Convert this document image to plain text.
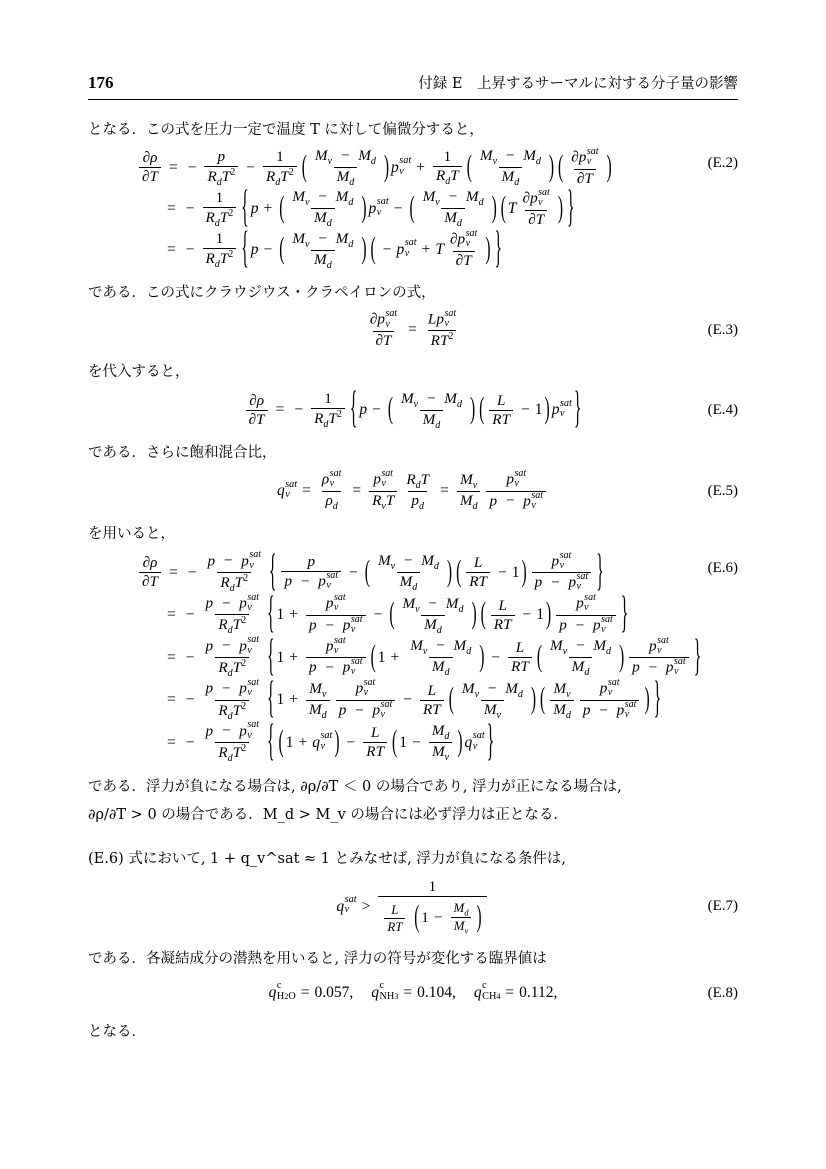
176	付録 E　上昇するサーマルに対する分子量の影響
となる．この式を圧力一定で温度 T に対して偏微分すると，
$\frac{\partial\rho}{\partial T}$ = − $\frac{p}{R_dT^2} - \frac{1}{R_dT^2}$ ( $\frac{M_v - M_d}{M_d}$ ) p sat
$v + \frac{1}{R_dT}$ ( $\frac{M_v - M_d}{M_d}$ ) ( ∂p sat
v
∂T )
= − $\frac{1}{R_dT^2}$ { p + ( $\frac{M_v - M_d}{M_d}$ ) p sat
v − ( $\frac{M_v - M_d}{M_d}$ ) ( T ∂p sat
v
∂T ) }
= − $\frac{1}{R_dT^2}$ { p − ( $\frac{M_v - M_d}{M_d}$ ) ( − p sat
v + T ∂p sat
v
∂T ) }
(E.2)
である．この式にクラウジウス・クラペイロンの式，
∂p sat
v
∂T = Lp sat
v
$RT^2$	(E.3)
を代入すると，
$\frac{\partial\rho}{\partial T}$ = − $\frac{1}{R_dT^2}$ { p − ( $\frac{M_v - M_d}{M_d}$ ) ( $\frac{L}{RT} - 1$ ) p sat
v }	(E.4)
である．さらに飽和混合比，
q sat
v = ρ sat
v
$\rho_d = p$ sat
v
$R_vT \frac{R_dT}{p_d} = \frac{M_v}{M_d}$ p sat
v
p − p sat
v	(E.5)
を用いると，
$\frac{\partial\rho}{\partial T}$ = − p − p sat
v
$R_dT^2$ { p
p − p sat
v − ( $\frac{M_v - M_d}{M_d}$ ) ( $\frac{L}{RT} - 1$ ) p sat
v
p − p sat
v }
= − p − p sat
v
$R_dT^2$ { 1 + p sat
v
p − p sat
v − ( $\frac{M_v - M_d}{M_d}$ ) ( $\frac{L}{RT} - 1$ ) p sat
v
p − p sat
v }
= − p − p sat
v
$R_dT^2$ { 1 + p sat
v
p − p sat
v ( $1 + \frac{M_v - M_d}{M_d}$ ) − $\frac{L}{RT}$ ( $\frac{M_v - M_d}{M_d}$ ) p sat
v
p − p sat
v }
= − p − p sat
v
$R_dT^2$ { $1 + \frac{M_v}{M_d}$ p sat
v
p − p sat
$v - \frac{L}{RT}$ ( $\frac{M_v - M_d}{M_v}$ ) ( $\frac{M_v}{M_d}$ p sat
v
p − p sat
v ) }
= − p − p sat
v
$R_dT^2$ { ( 1 + q sat
v ) − $\frac{L}{RT}$ ( $1 - \frac{M_d}{M_v}$ ) q sat
v }
(E.6)
である．浮力が負になる場合は, ∂ρ/∂T ＜ 0 の場合であり, 浮力が正になる場合は,
∂ρ/∂T > 0 の場合である．M_d > M_v の場合には必ず浮力は正となる．
(E.6) 式において, 1 + q_v^sat ≈ 1 とみなせば, 浮力が負になる条件は,
q sat
v > 1
$\frac{L}{RT}$
( $1 - \frac{M_d}{M_v}$ )	(E.7)
である．各凝結成分の潜熱を用いると, 浮力の符号が変化する臨界値は
q c
H2O = 0.057, q c
NH3 = 0.104, q c
CH4 = 0.112,	(E.8)
となる．
